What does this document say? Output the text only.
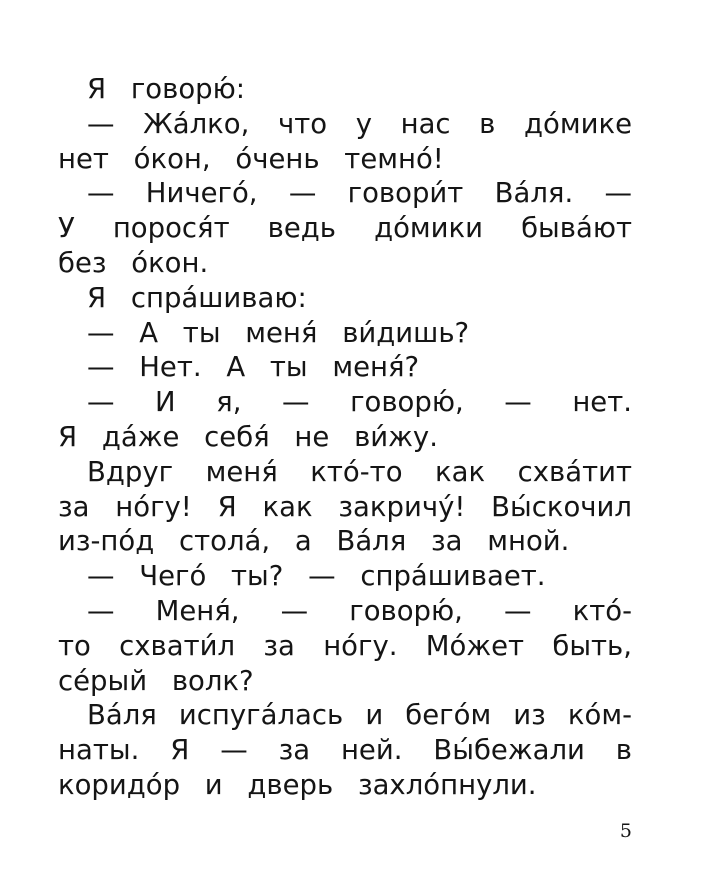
Я говорю́:
— Жа́лко, что у нас в до́мике
нет о́кон, о́чень темно́!
— Ничего́, — говори́т Ва́ля. —
У порося́т ведь до́мики быва́ют
без о́кон.
Я спра́шиваю:
— А ты меня́ ви́дишь?
— Нет. А ты меня́?
— И я, — говорю́, — нет.
Я да́же себя́ не ви́жу.
Вдруг меня́ кто́-то как схва́тит
за но́гу! Я как закричу́! Вы́скочил
из-по́д стола́, а Ва́ля за мной.
— Чего́ ты? — спра́шивает.
— Меня́, — говорю́, — кто́-
то схвати́л за но́гу. Мо́жет быть,
се́рый волк?
Ва́ля испуга́лась и бего́м из ко́м-
наты. Я — за ней. Вы́бежали в
коридо́р и дверь захло́пнули.
5
